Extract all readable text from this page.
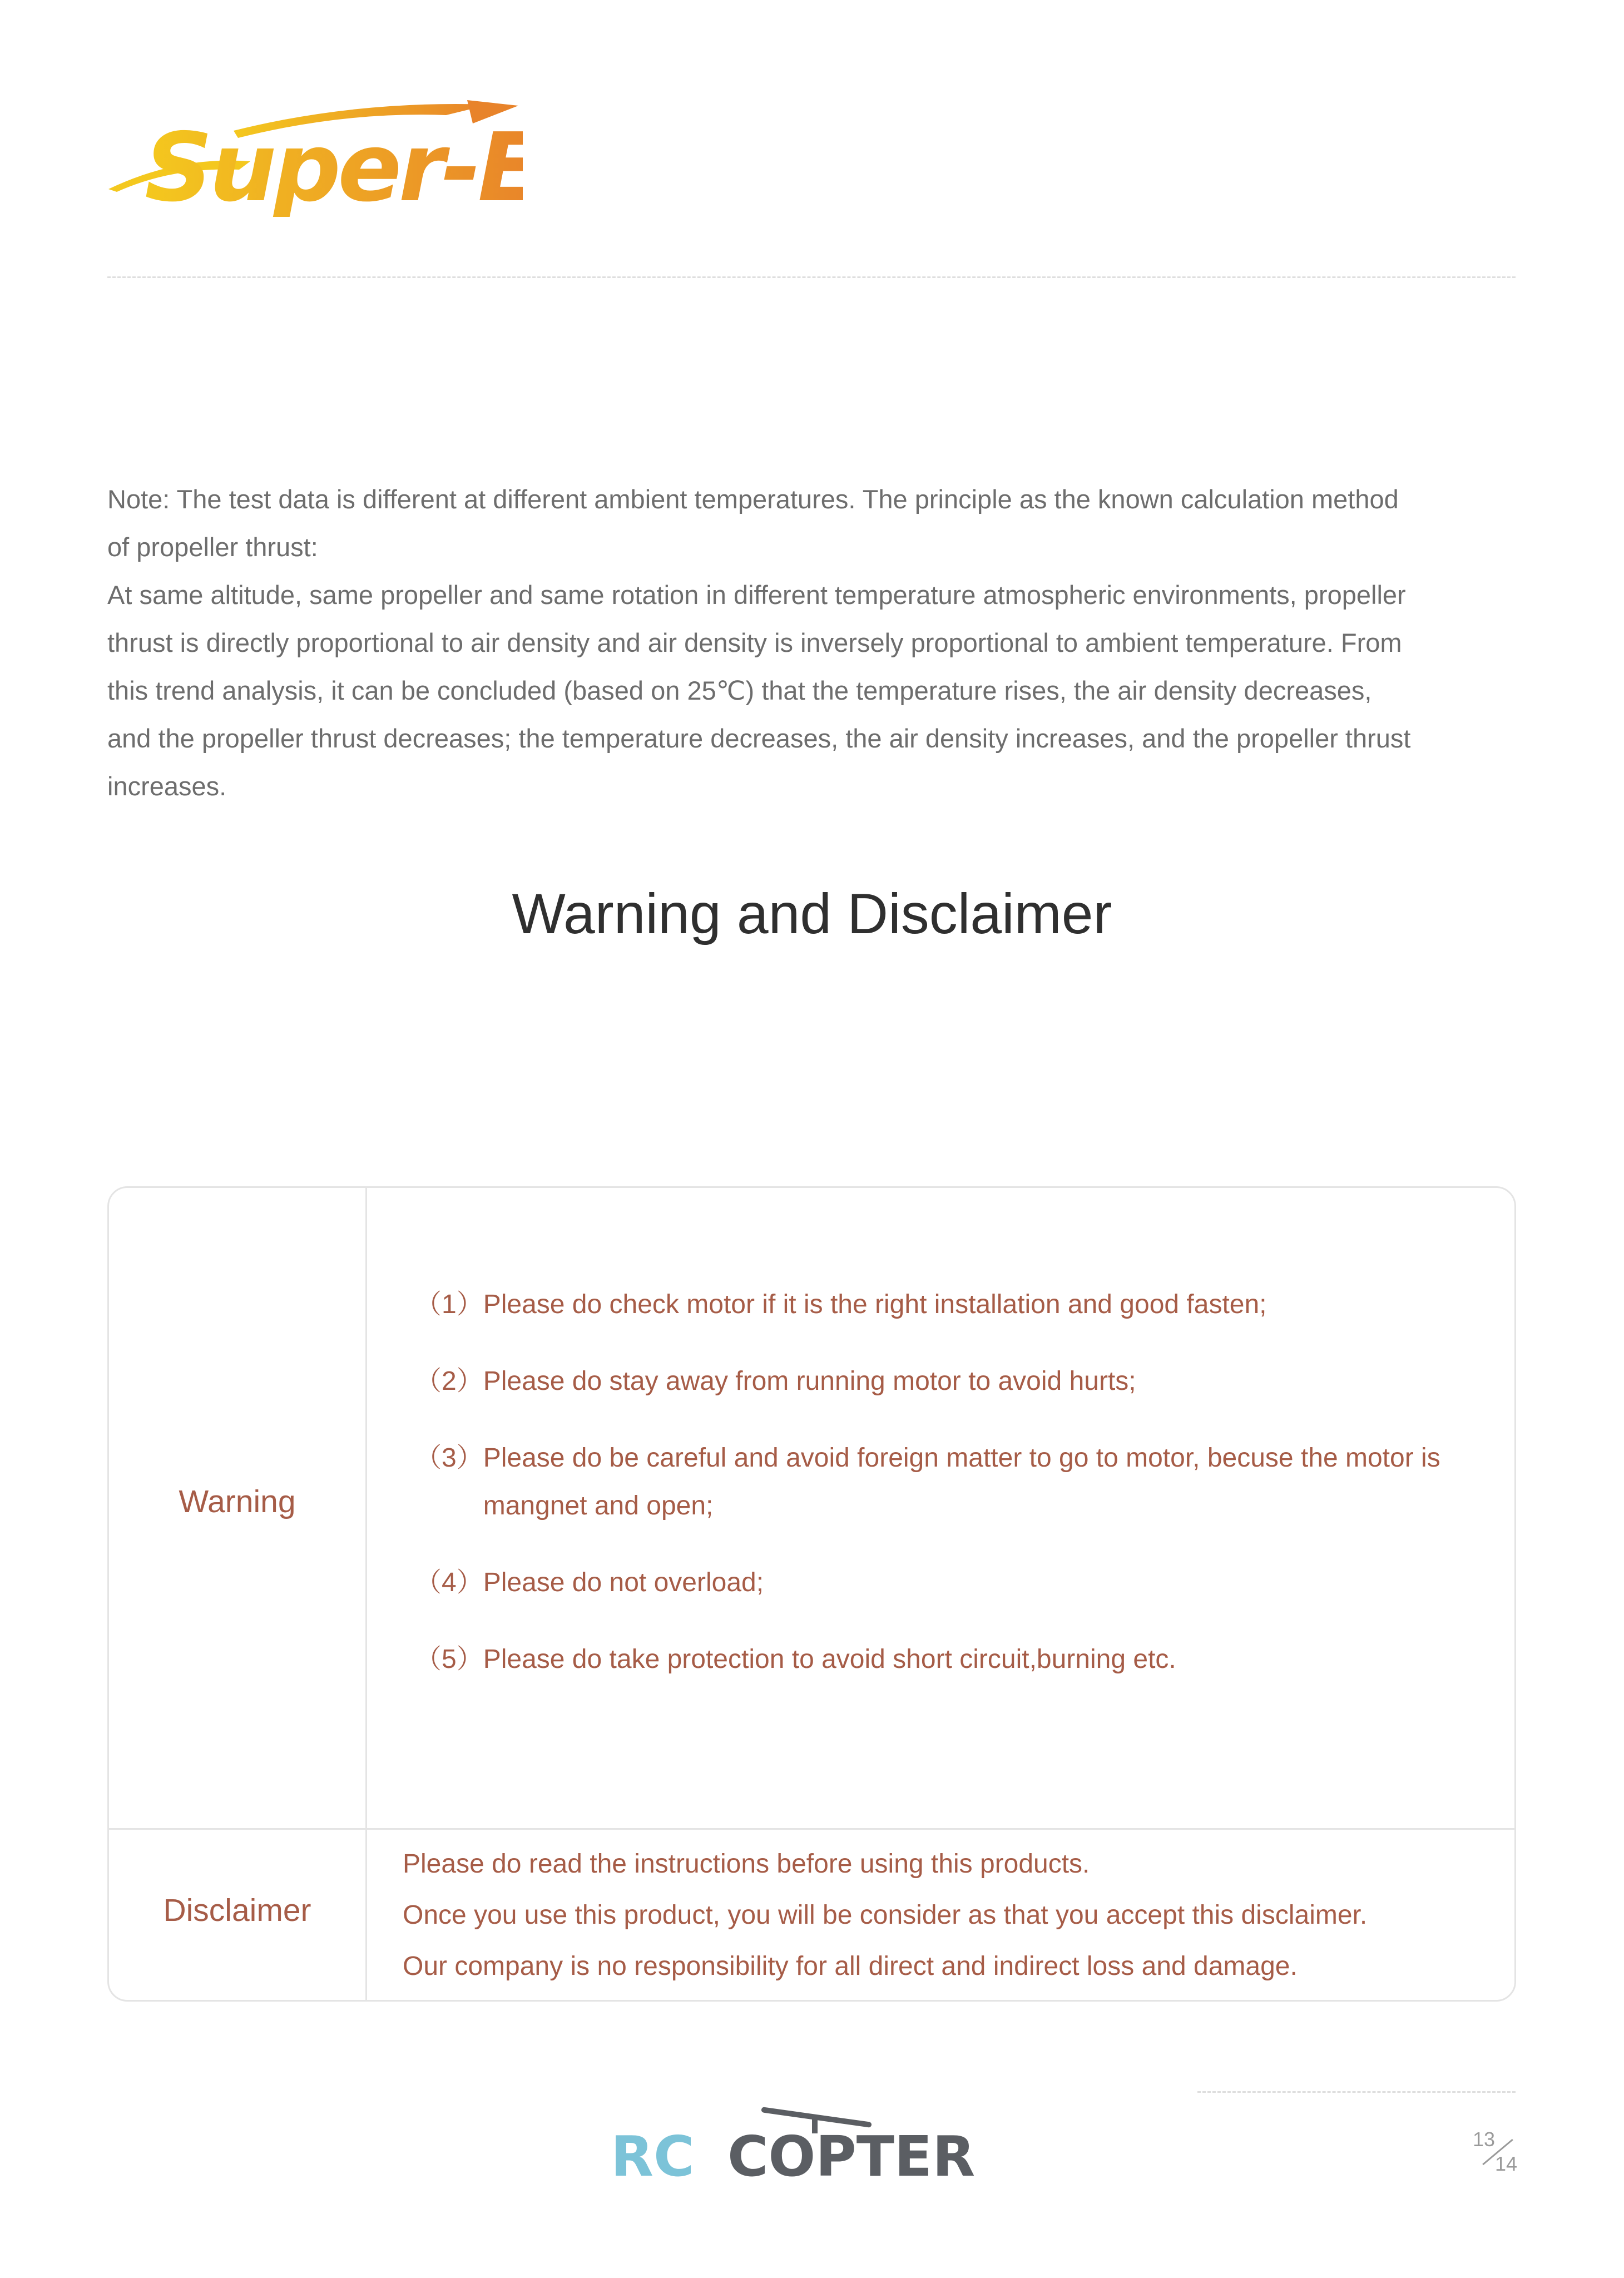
Super-E

Note: The test data is different at different ambient temperatures. The principle as the known calculation method of propeller thrust:

At same altitude, same propeller and same rotation in different temperature atmospheric environments, propeller thrust is directly proportional to air density and air density is inversely proportional to ambient temperature. From this trend analysis, it can be concluded (based on 25℃) that the temperature rises, the air density decreases, and the propeller thrust decreases; the temperature decreases, the air density increases, and the propeller thrust increases.

Warning and Disclaimer
Warning
（1） Please do check motor if it is the right installation and good fasten;
（2） Please do stay away from running motor to avoid hurts;
（3） Please do be careful and avoid foreign matter to go to motor, becuse the motor is mangnet and open;
（4） Please do not overload;
（5） Please do take protection to avoid short circuit,burning etc.
Disclaimer
Please do read the instructions before using this products.
Once you use this product, you will be consider as that you accept this disclaimer.
Our company is no responsibility for all direct and indirect loss and damage.
RC COPTER	13
14
